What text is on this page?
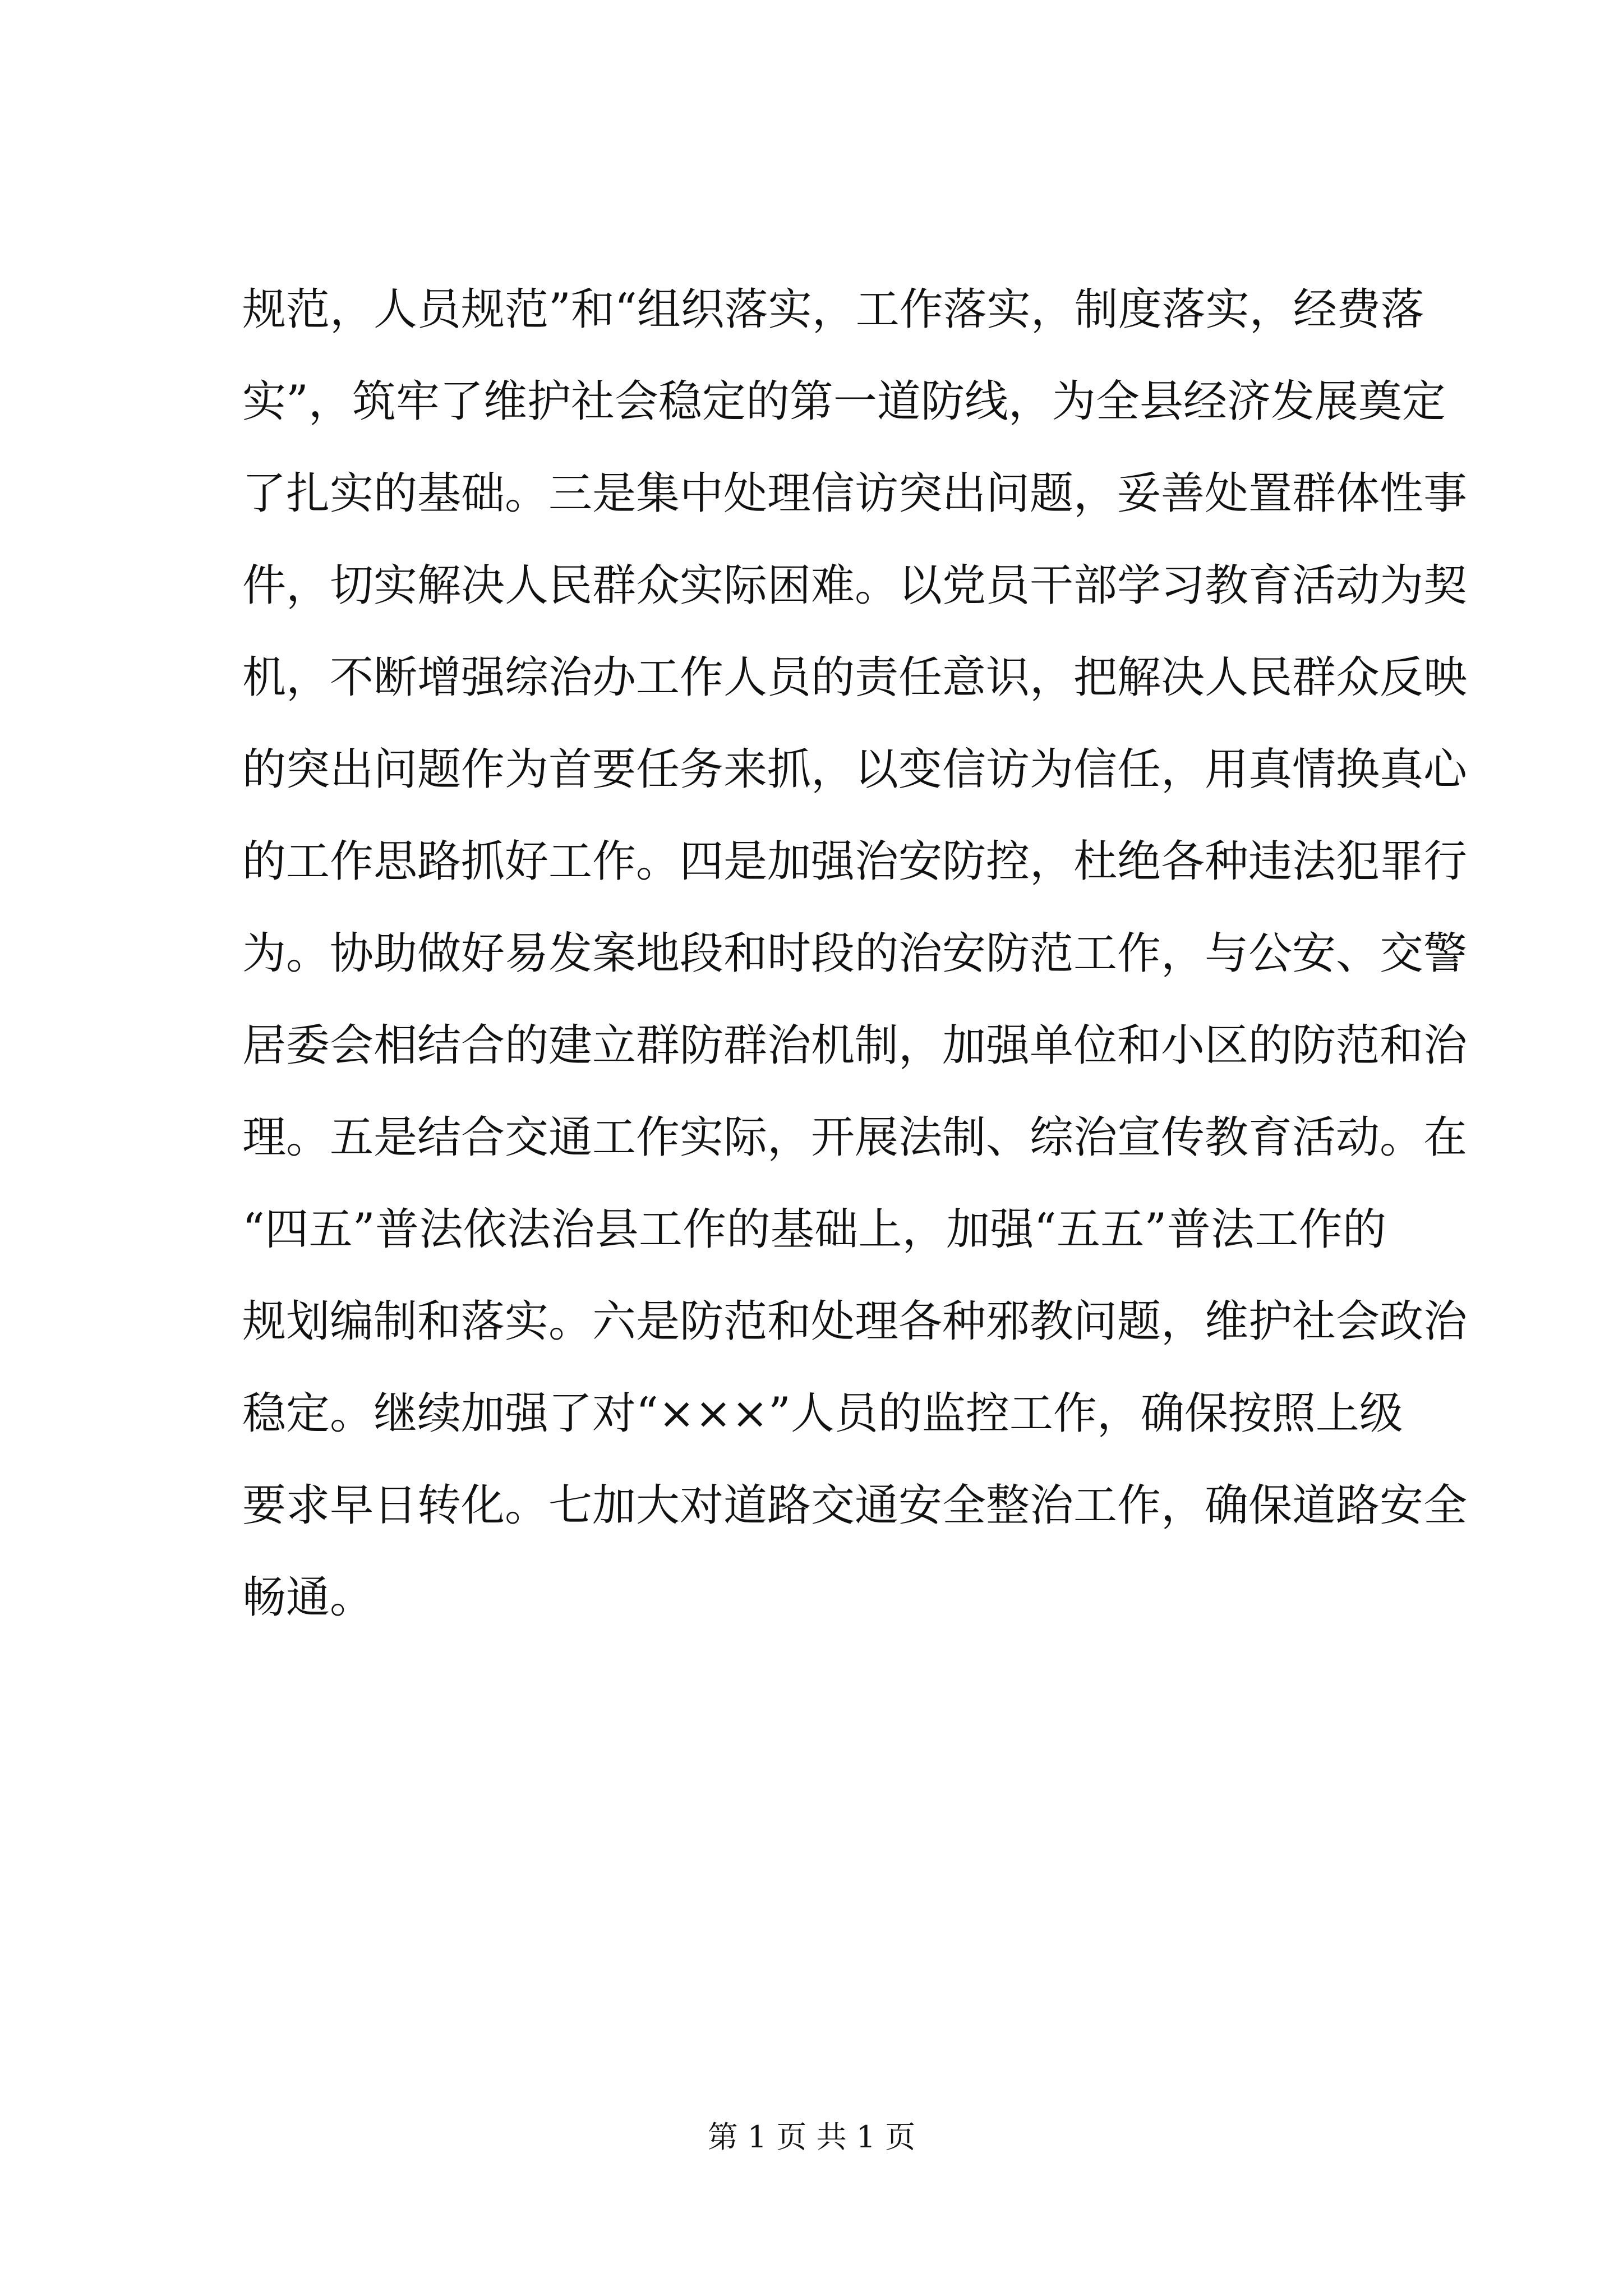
规范，人员规范”和“组织落实，工作落实，制度落实，经费落
实”，筑牢了维护社会稳定的第一道防线，为全县经济发展奠定
了扎实的基础。三是集中处理信访突出问题，妥善处置群体性事
件，切实解决人民群众实际困难。以党员干部学习教育活动为契
机，不断增强综治办工作人员的责任意识，把解决人民群众反映
的突出问题作为首要任务来抓，以变信访为信任，用真情换真心
的工作思路抓好工作。四是加强治安防控，杜绝各种违法犯罪行
为。协助做好易发案地段和时段的治安防范工作，与公安、交警
居委会相结合的建立群防群治机制，加强单位和小区的防范和治
理。五是结合交通工作实际，开展法制、综治宣传教育活动。在
“四五”普法依法治县工作的基础上，加强“五五”普法工作的
规划编制和落实。六是防范和处理各种邪教问题，维护社会政治
稳定。继续加强了对“×××”人员的监控工作，确保按照上级
要求早日转化。七加大对道路交通安全整治工作，确保道路安全
畅通。
第 1 页 共 1 页
